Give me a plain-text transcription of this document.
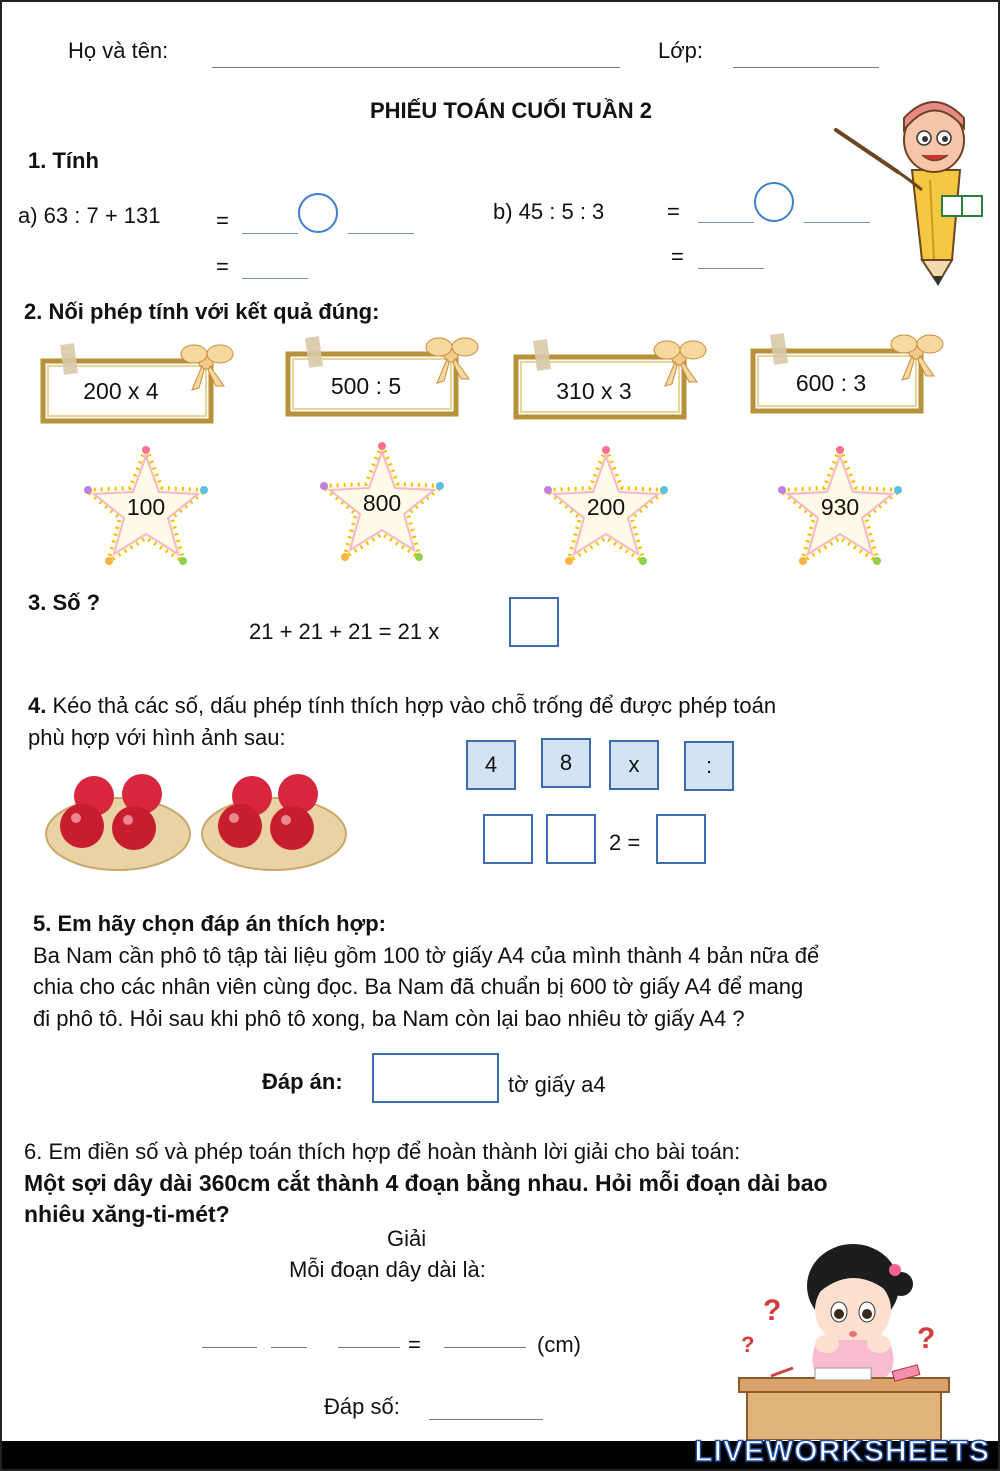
Họ và tên:	Lớp:
PHIẾU TOÁN CUỐI TUẦN 2
1. Tính
a) 63 : 7 + 131	=
=
b) 45 : 5 : 3	=
=
2. Nối phép tính với kết quả đúng:
200 x 4	500 : 5	310 x 3	600 : 3
100	800	200	930
3. Số ?
21 + 21 + 21 = 21 x
4. Kéo thả các số, dấu phép tính thích hợp vào chỗ trống để được phép toán
phù hợp với hình ảnh sau:
4	8	x	:
2 =
5. Em hãy chọn đáp án thích hợp:
Ba Nam cần phô tô tập tài liệu gồm 100 tờ giấy A4 của mình thành 4 bản nữa để
chia cho các nhân viên cùng đọc. Ba Nam đã chuẩn bị 600 tờ giấy A4 để mang
đi phô tô. Hỏi sau khi phô tô xong, ba Nam còn lại bao nhiêu tờ giấy A4 ?
Đáp án:	tờ giấy a4
6. Em điền số và phép toán thích hợp để hoàn thành lời giải cho bài toán:
Một sợi dây dài 360cm cắt thành 4 đoạn bằng nhau. Hỏi mỗi đoạn dài bao
nhiêu xăng-ti-mét?
Giải
Mỗi đoạn dây dài là:
=	(cm)
Đáp số:
?
?	?
LIVEWORKSHEETS
